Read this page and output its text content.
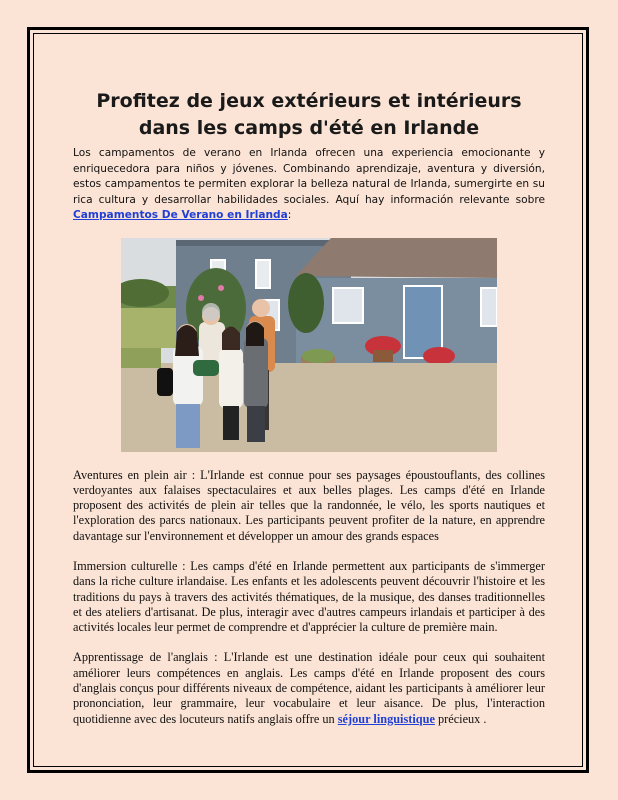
Profitez de jeux extérieurs et intérieurs dans les camps d'été en Irlande

Los campamentos de verano en Irlanda ofrecen una experiencia emocionante y enriquecedora para niños y jóvenes. Combinando aprendizaje, aventura y diversión, estos campamentos te permiten explorar la belleza natural de Irlanda, sumergirte en su rica cultura y desarrollar habilidades sociales. Aquí hay información relevante sobre Campamentos De Verano en Irlanda:

Aventures en plein air : L'Irlande est connue pour ses paysages époustouflants, des collines verdoyantes aux falaises spectaculaires et aux belles plages. Les camps d'été en Irlande proposent des activités de plein air telles que la randonnée, le vélo, les sports nautiques et l'exploration des parcs nationaux. Les participants peuvent profiter de la nature, en apprendre davantage sur l'environnement et développer un amour des grands espaces

Immersion culturelle : Les camps d'été en Irlande permettent aux participants de s'immerger dans la riche culture irlandaise. Les enfants et les adolescents peuvent découvrir l'histoire et les traditions du pays à travers des activités thématiques, de la musique, des danses traditionnelles et des ateliers d'artisanat. De plus, interagir avec d'autres campeurs irlandais et participer à des activités locales leur permet de comprendre et d'apprécier la culture de première main.

Apprentissage de l'anglais : L'Irlande est une destination idéale pour ceux qui souhaitent améliorer leurs compétences en anglais. Les camps d'été en Irlande proposent des cours d'anglais conçus pour différents niveaux de compétence, aidant les participants à améliorer leur prononciation, leur grammaire, leur vocabulaire et leur aisance. De plus, l'interaction quotidienne avec des locuteurs natifs anglais offre un séjour linguistique précieux .
